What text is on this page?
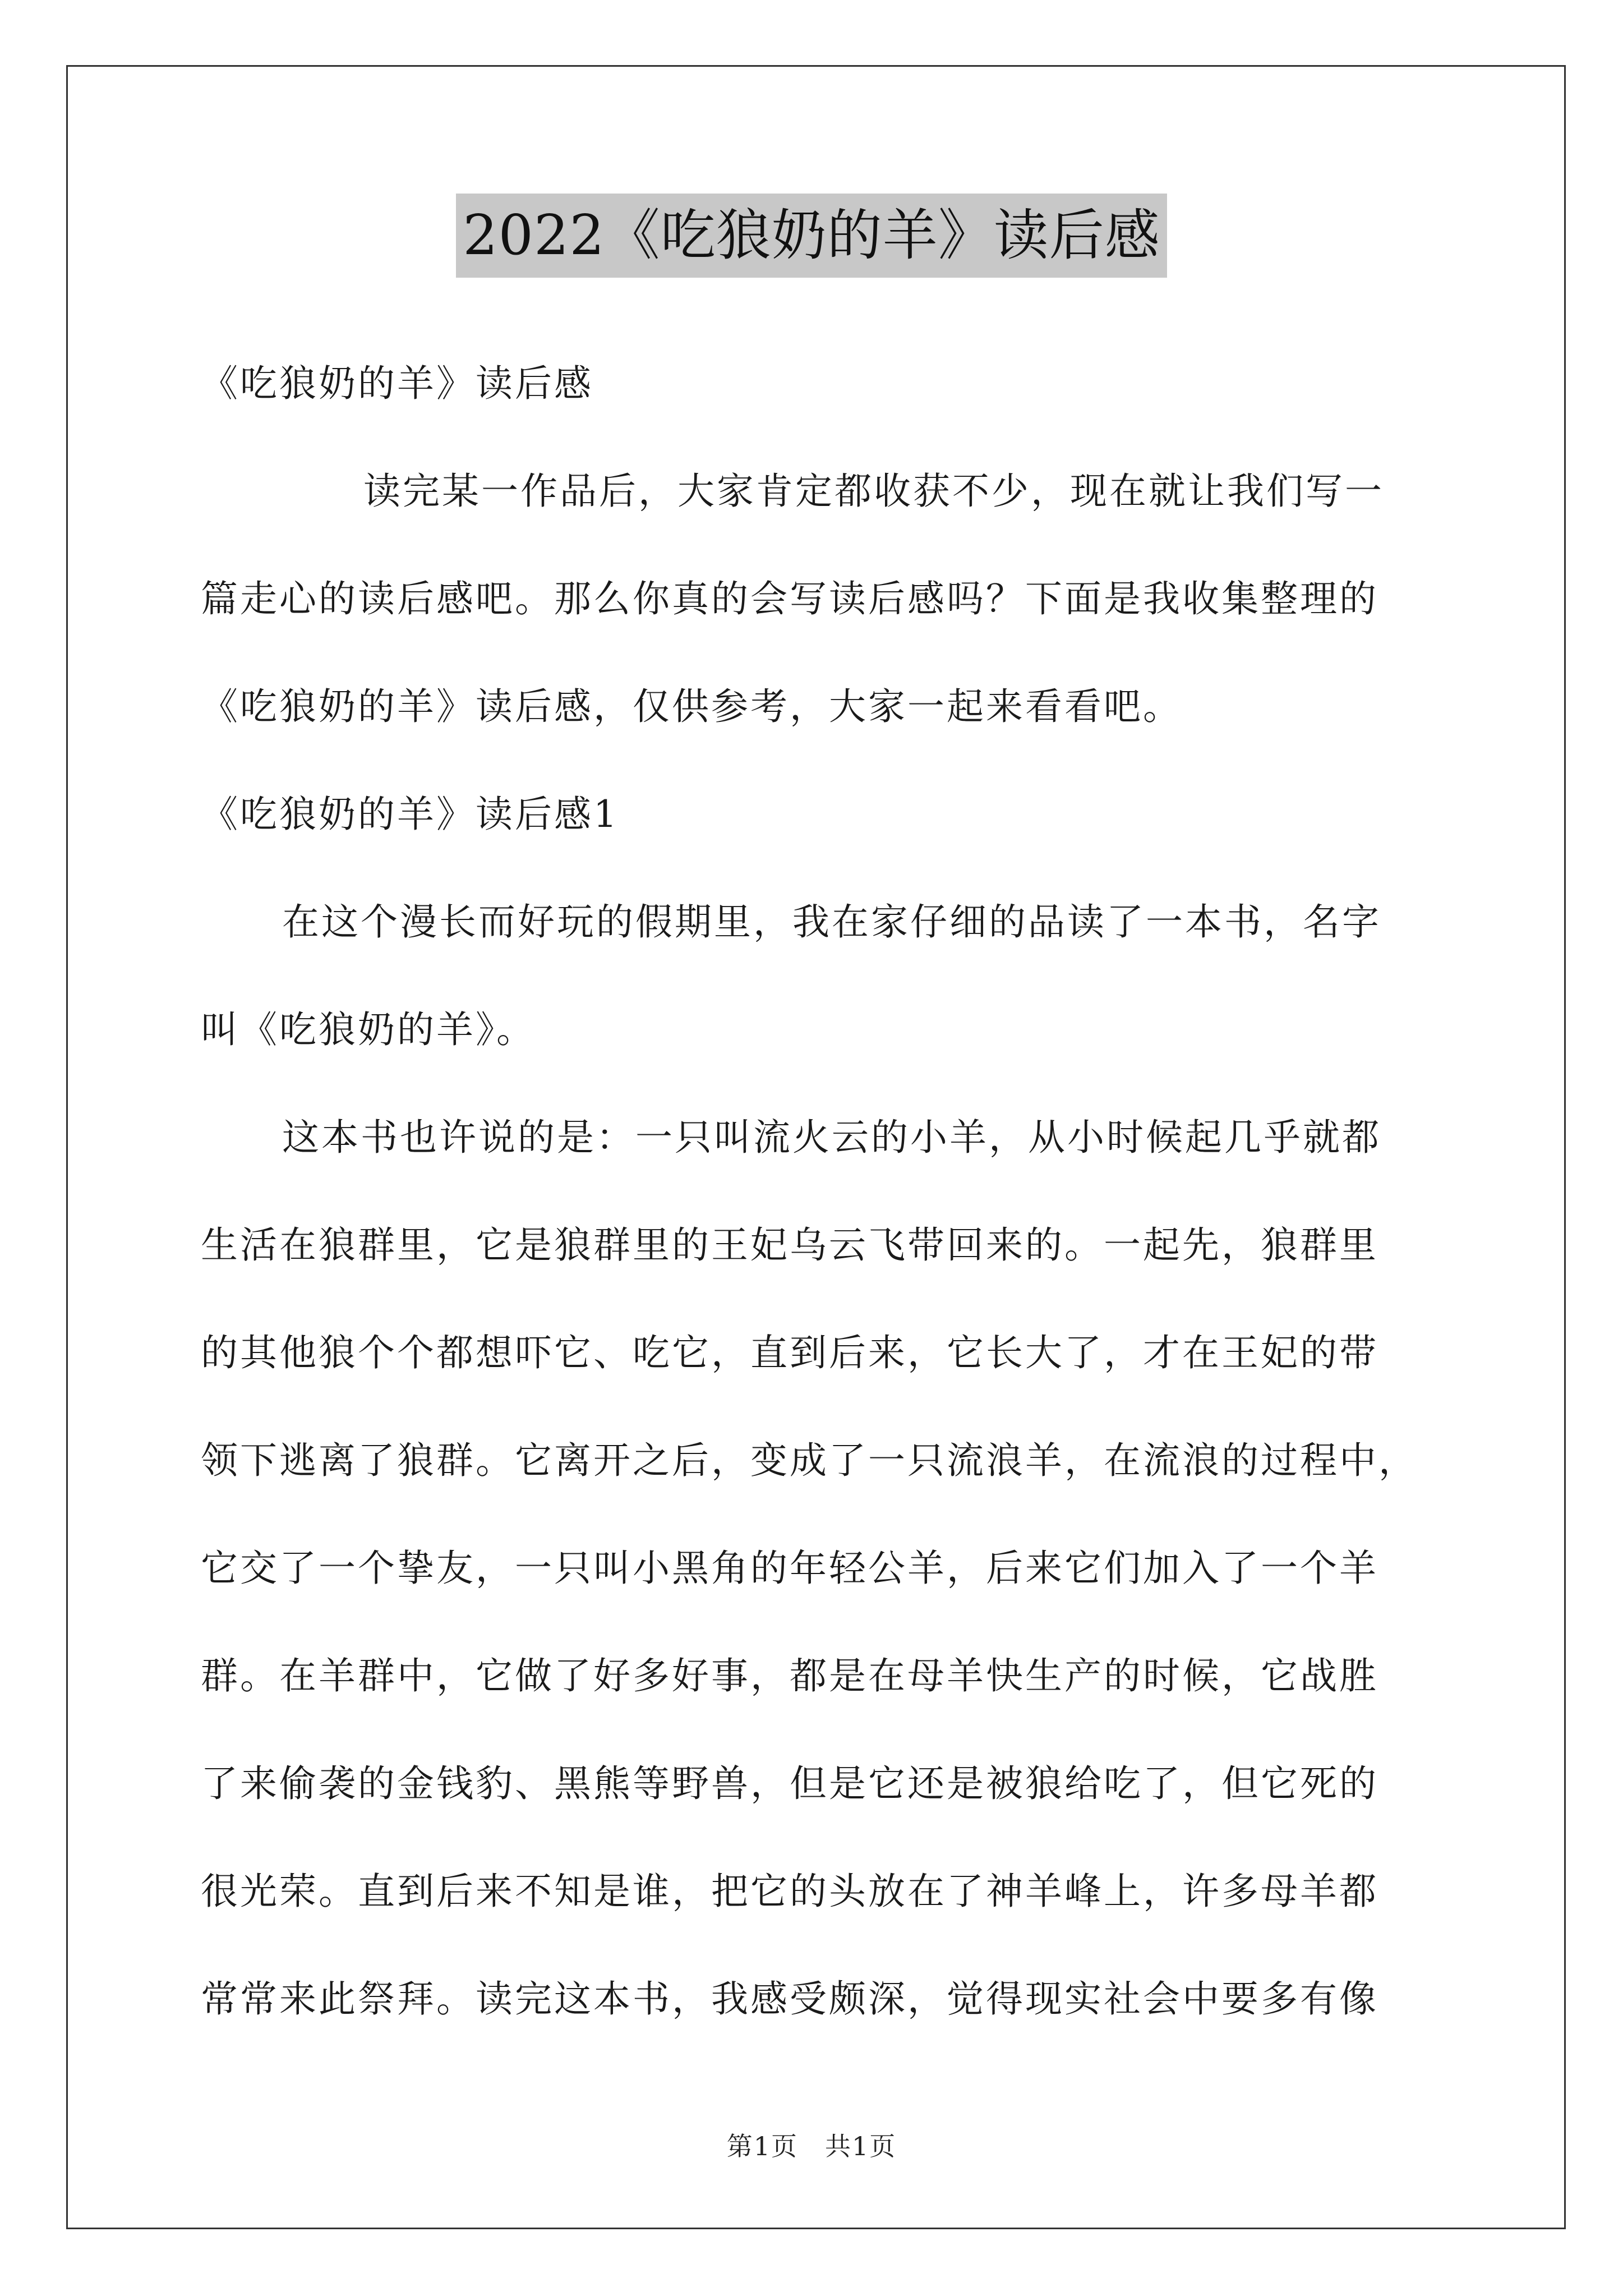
2022《吃狼奶的羊》读后感
《吃狼奶的羊》读后感
读完某一作品后，大家肯定都收获不少，现在就让我们写一
篇走心的读后感吧。那么你真的会写读后感吗？下面是我收集整理的
《吃狼奶的羊》读后感，仅供参考，大家一起来看看吧。
《吃狼奶的羊》读后感1
在这个漫长而好玩的假期里，我在家仔细的品读了一本书，名字
叫《吃狼奶的羊》。
这本书也许说的是：一只叫流火云的小羊，从小时候起几乎就都
生活在狼群里，它是狼群里的王妃乌云飞带回来的。一起先，狼群里
的其他狼个个都想吓它、吃它，直到后来，它长大了，才在王妃的带
领下逃离了狼群。它离开之后，变成了一只流浪羊，在流浪的过程中，
它交了一个挚友，一只叫小黑角的年轻公羊，后来它们加入了一个羊
群。在羊群中，它做了好多好事，都是在母羊快生产的时候，它战胜
了来偷袭的金钱豹、黑熊等野兽，但是它还是被狼给吃了，但它死的
很光荣。直到后来不知是谁，把它的头放在了神羊峰上，许多母羊都
常常来此祭拜。读完这本书，我感受颇深，觉得现实社会中要多有像
第1页　共1页
